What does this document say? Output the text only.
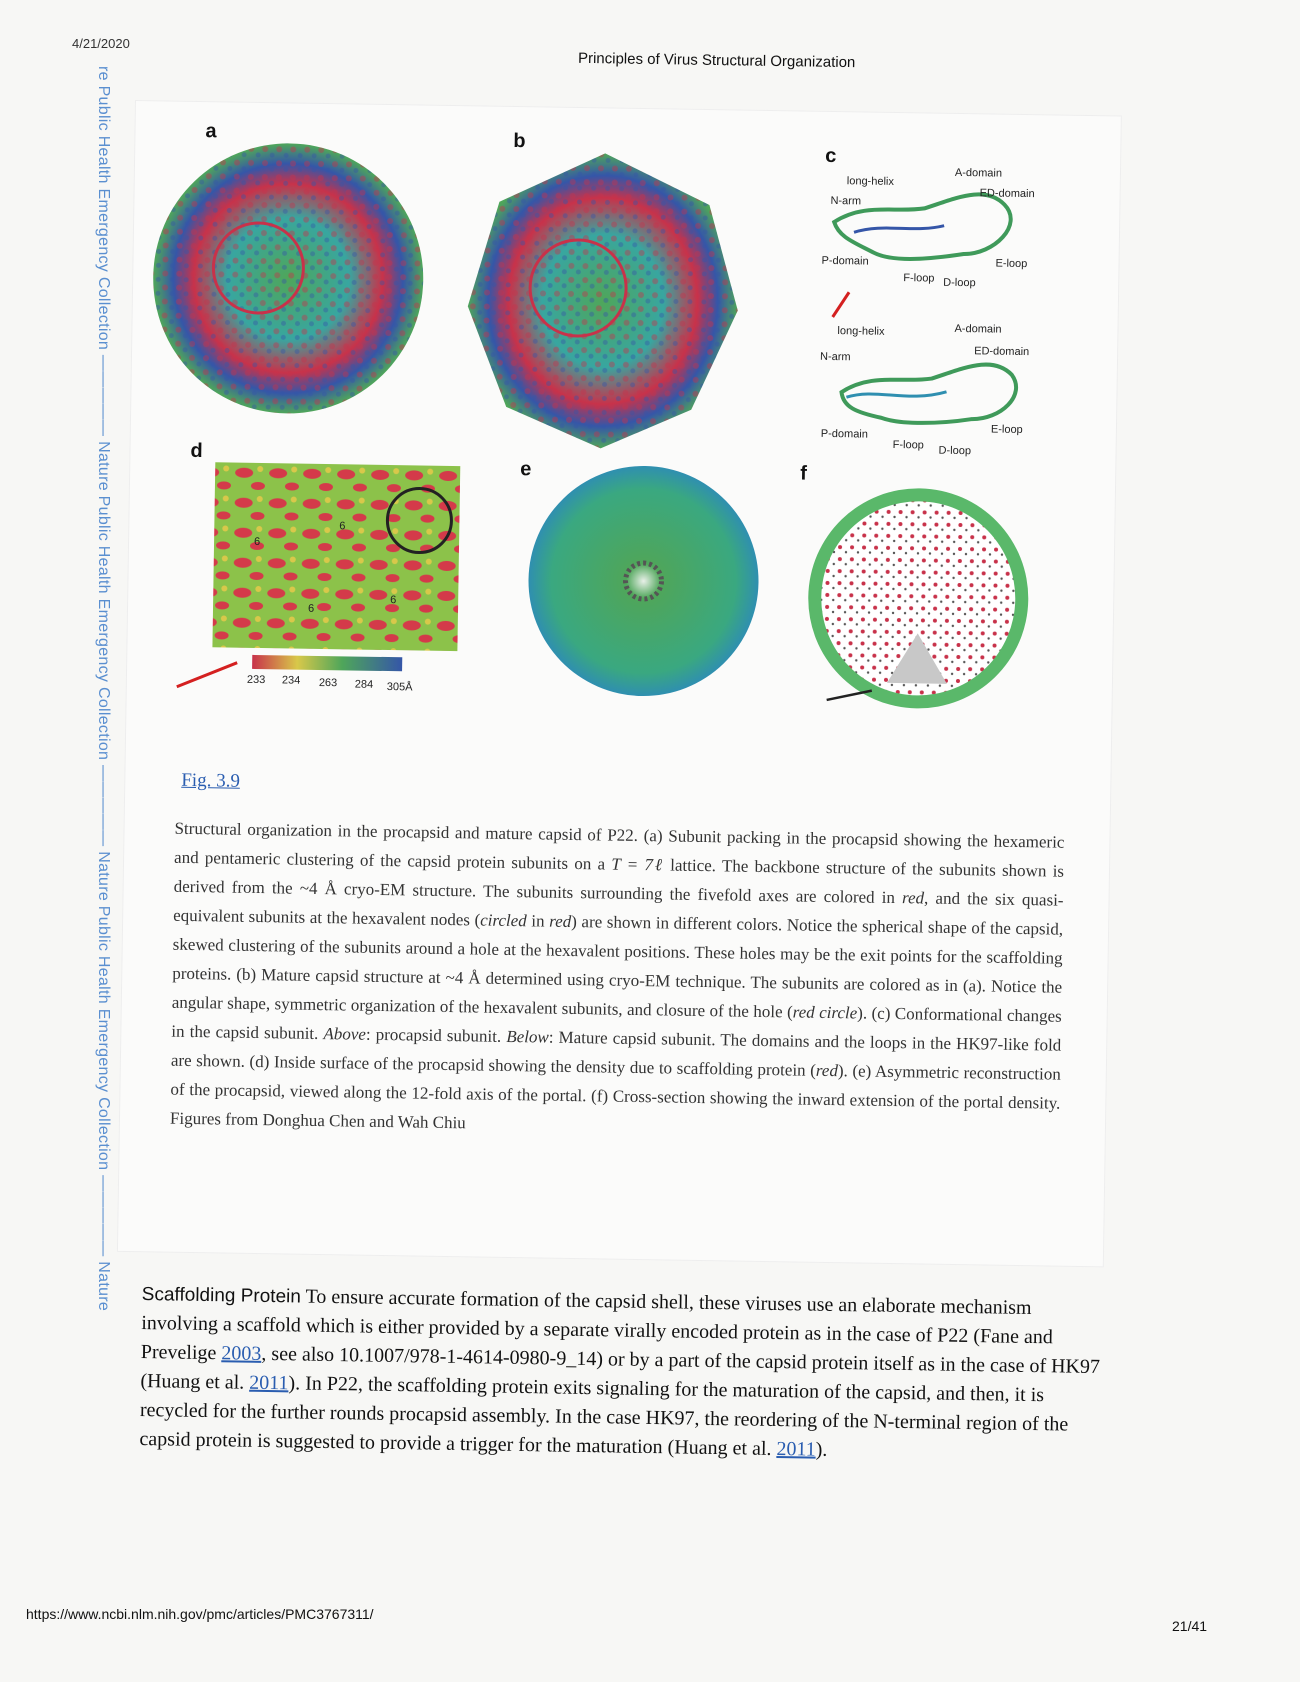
4/21/2020
Principles of Virus Structural Organization
re Public Health Emergency Collection ————— Nature Public Health Emergency Collection ————— Nature Public Health Emergency Collection ————— Nature	a	b
c
long-helix
N-arm
A-domain
ED-domain
P-domain
F-loop D-loop
E-loop
long-helix
N-arm
A-domain
ED-domain
P-domain
F-loop D-loop
E-loop
d
6
6
6
6
233 234 263 284 305Å
e	f
Fig. 3.9
Structural organization in the procapsid and mature capsid of P22. (a) Subunit packing in the procapsid showing the hexameric and pentameric clustering of the capsid protein subunits on a T = 7ℓ lattice. The backbone structure of the subunits shown is derived from the ~4 Å cryo-EM structure. The subunits surrounding the fivefold axes are colored in red, and the six quasi-equivalent subunits at the hexavalent nodes (circled in red) are shown in different colors. Notice the spherical shape of the capsid, skewed clustering of the subunits around a hole at the hexavalent positions. These holes may be the exit points for the scaffolding proteins. (b) Mature capsid structure at ~4 Å determined using cryo-EM technique. The subunits are colored as in (a). Notice the angular shape, symmetric organization of the hexavalent subunits, and closure of the hole (red circle). (c) Conformational changes in the capsid subunit. Above: procapsid subunit. Below: Mature capsid subunit. The domains and the loops in the HK97-like fold are shown. (d) Inside surface of the procapsid showing the density due to scaffolding protein (red). (e) Asymmetric reconstruction of the procapsid, viewed along the 12-fold axis of the portal. (f) Cross-section showing the inward extension of the portal density. Figures from Donghua Chen and Wah Chiu
Scaffolding Protein To ensure accurate formation of the capsid shell, these viruses use an elaborate mechanism involving a scaffold which is either provided by a separate virally encoded protein as in the case of P22 (Fane and Prevelige 2003, see also 10.1007/978-1-4614-0980-9_14) or by a part of the capsid protein itself as in the case of HK97 (Huang et al. 2011). In P22, the scaffolding protein exits signaling for the maturation of the capsid, and then, it is recycled for the further rounds procapsid assembly. In the case HK97, the reordering of the N-terminal region of the capsid protein is suggested to provide a trigger for the maturation (Huang et al. 2011).
https://www.ncbi.nlm.nih.gov/pmc/articles/PMC3767311/
21/41
